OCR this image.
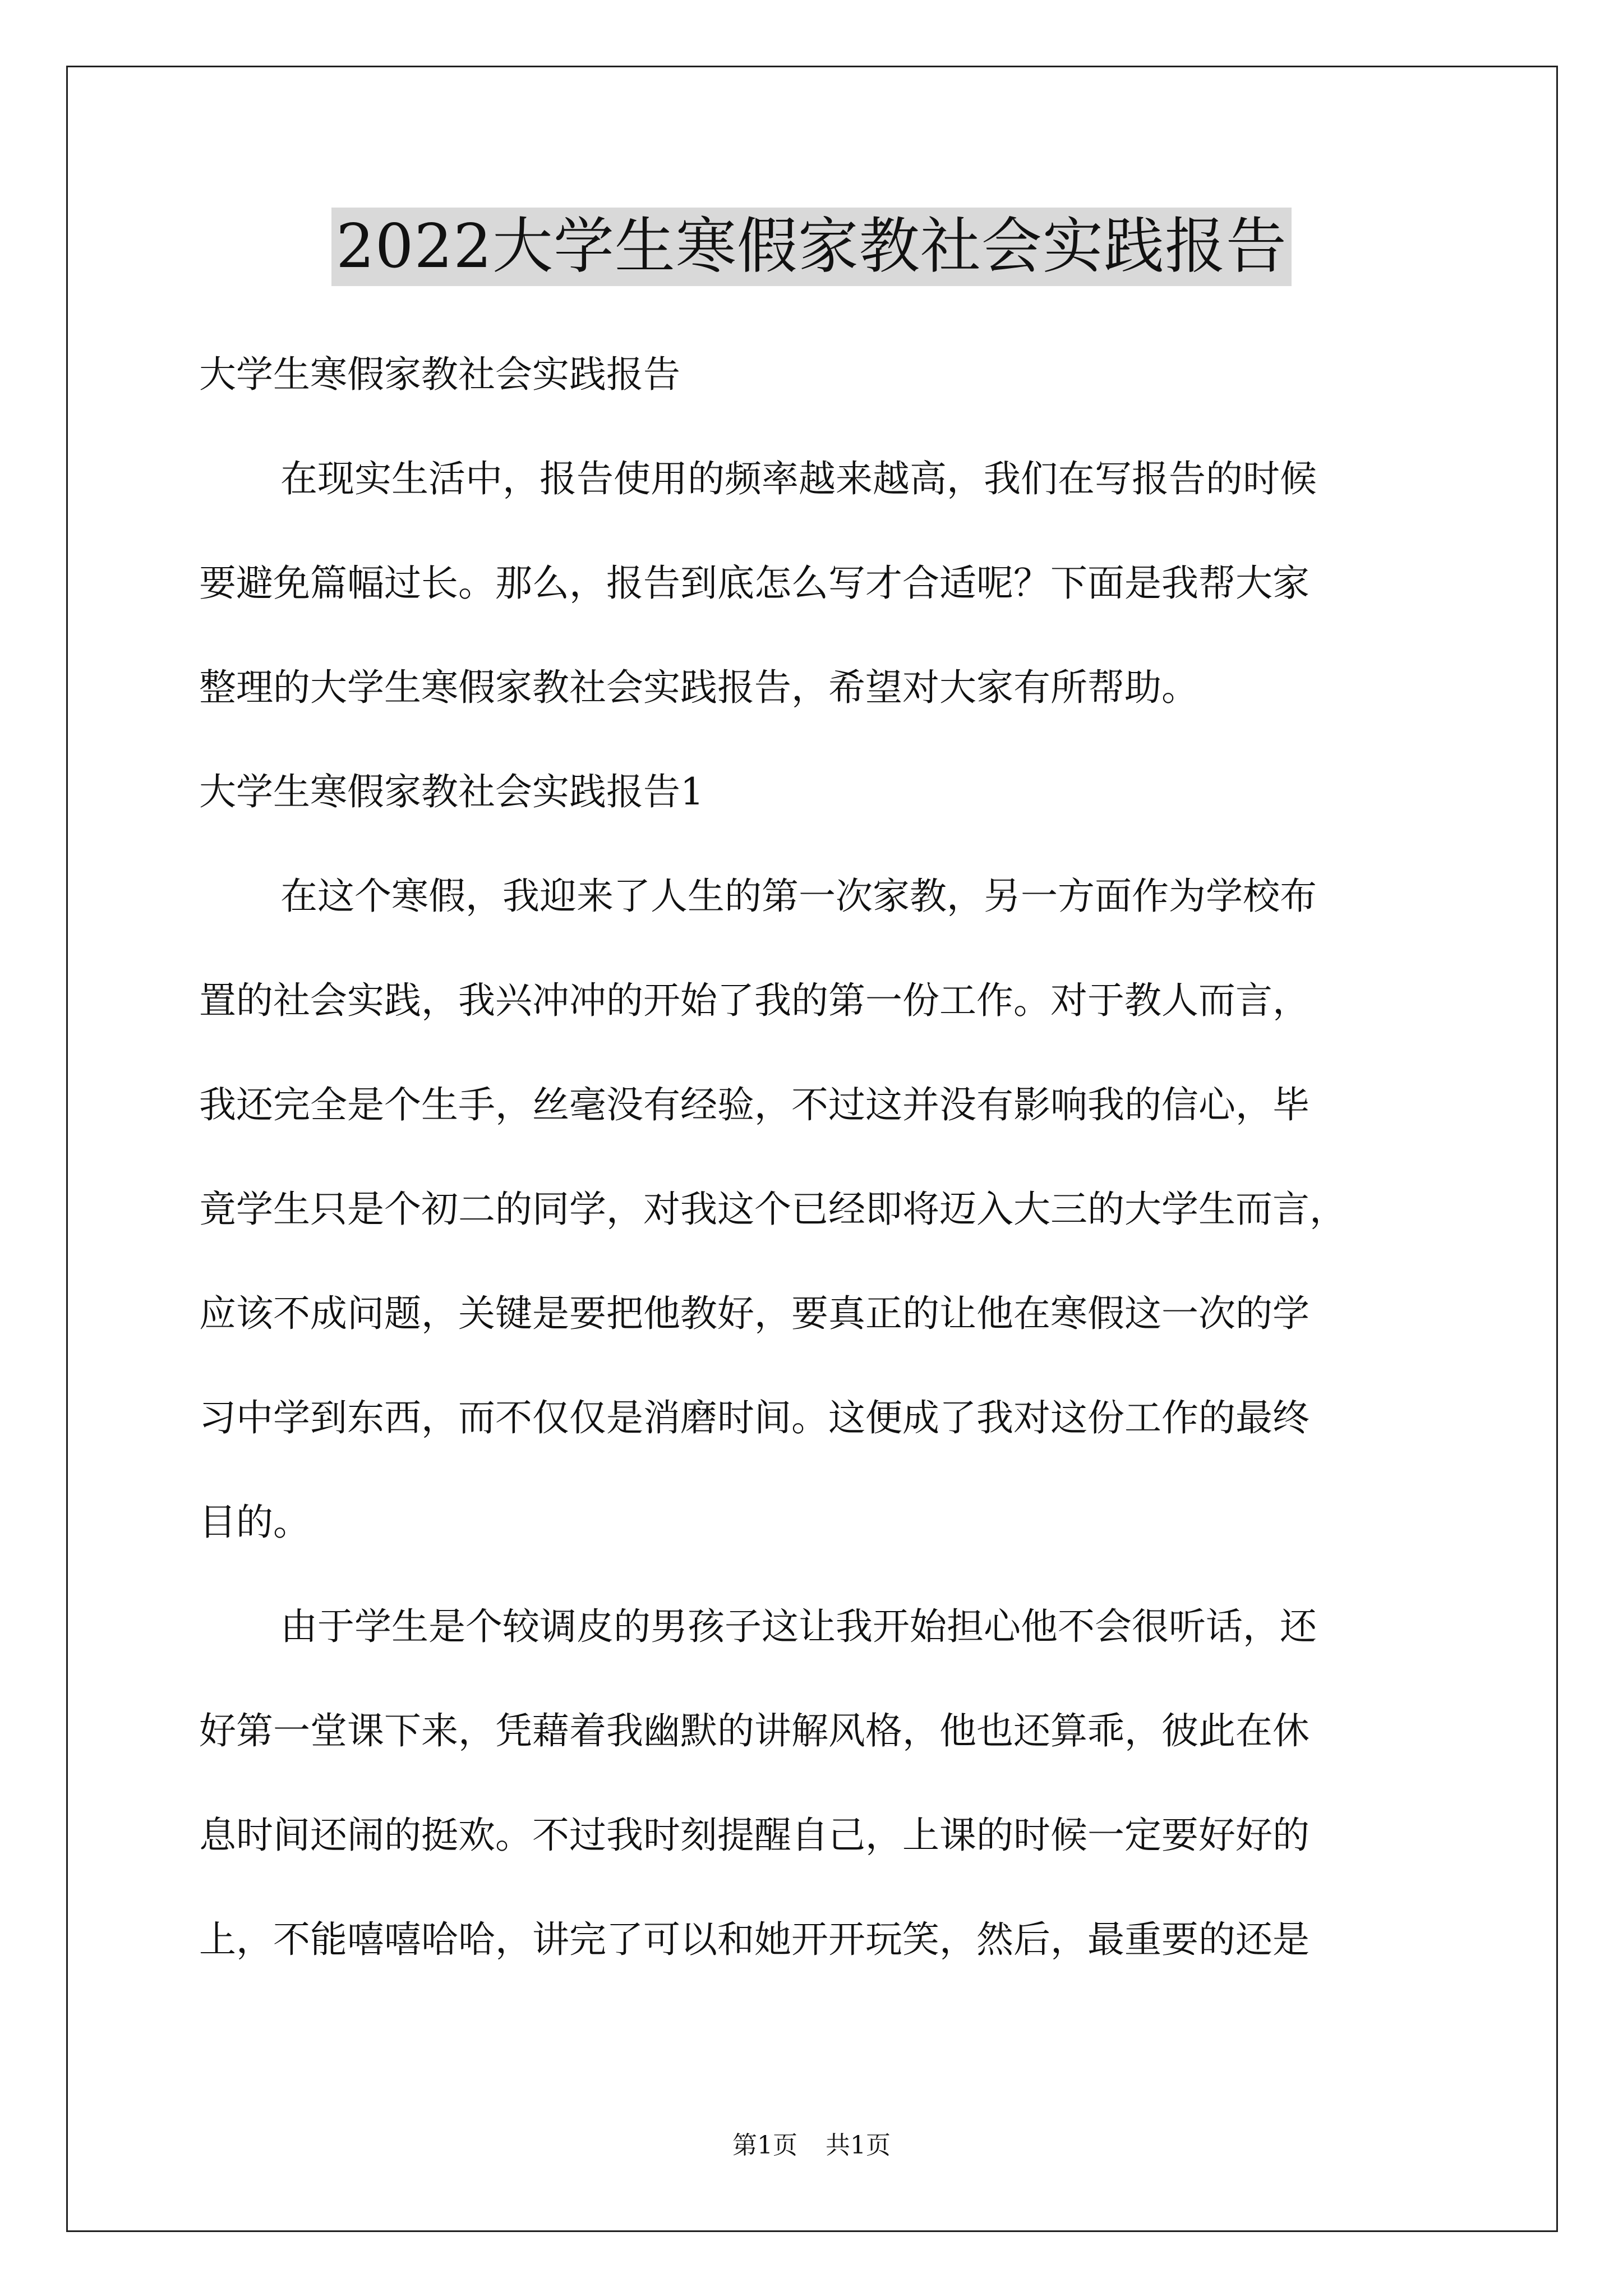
2022大学生寒假家教社会实践报告

大学生寒假家教社会实践报告

在现实生活中，报告使用的频率越来越高，我们在写报告的时候

要避免篇幅过长。那么，报告到底怎么写才合适呢？下面是我帮大家

整理的大学生寒假家教社会实践报告，希望对大家有所帮助。

大学生寒假家教社会实践报告1

在这个寒假，我迎来了人生的第一次家教，另一方面作为学校布

置的社会实践，我兴冲冲的开始了我的第一份工作。对于教人而言，

我还完全是个生手，丝毫没有经验，不过这并没有影响我的信心，毕

竟学生只是个初二的同学，对我这个已经即将迈入大三的大学生而言，

应该不成问题，关键是要把他教好，要真正的让他在寒假这一次的学

习中学到东西，而不仅仅是消磨时间。这便成了我对这份工作的最终

目的。

由于学生是个较调皮的男孩子这让我开始担心他不会很听话，还

好第一堂课下来，凭藉着我幽默的讲解风格，他也还算乖，彼此在休

息时间还闹的挺欢。不过我时刻提醒自己，上课的时候一定要好好的

上，不能嘻嘻哈哈，讲完了可以和她开开玩笑，然后，最重要的还是

第1页 共1页
